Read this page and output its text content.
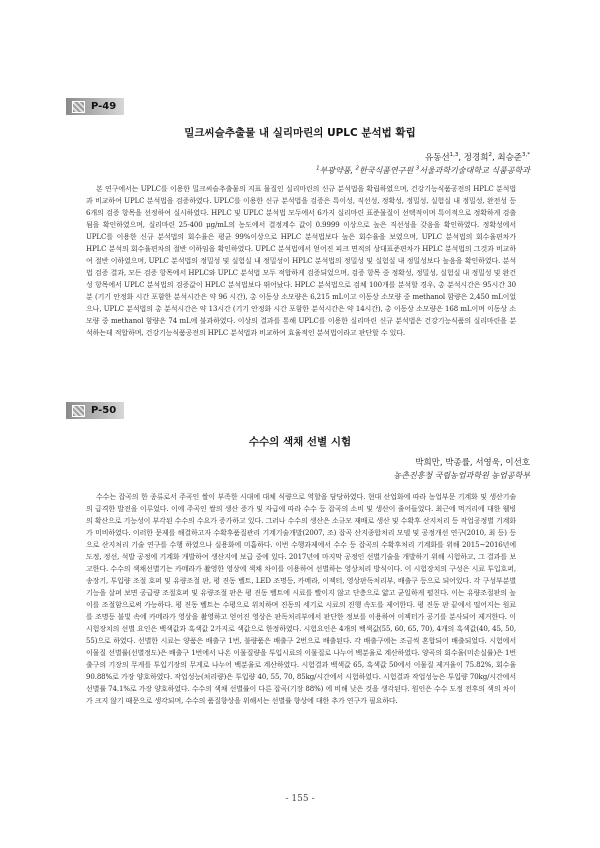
P-49
밀크씨슬추출물 내 실리마린의 UPLC 분석법 확립
유동선$^{1,3}$, 정경희$^2$, 최승준$^{3,*}$
$^1$부광약품, $^2$한국식품연구원 $^3$서울과학기술대학교 식품공학과

본 연구에서는 UPLC를 이용한 밀크씨슬추출물의 지표 물질인 실리마린의 신규 분석법을 확립하였으며, 건강기능식품공전의 HPLC 분석법과 비교하여 UPLC 분석법을 검증하였다. UPLC를 이용한 신규 분석법을 검증은 특이성, 직선성, 정확성, 정밀성, 실험실 내 정밀성, 완전성 등 6개의 검증 항목을 선정하여 실시하였다. HPLC 및 UPLC 분석법 모두에서 6가지 실리마린 표준물질이 선택적이며 특이적으로 정확하게 검출됨을 확인하였으며, 실리마린 25-400 μg/mL의 농도에서 결정계수 값이 0.9999 이상으로 높은 직선성을 갖음을 확인하였다. 정확성에서 UPLC를 이용한 신규 분석법의 회수율은 평균 99%이상으로 HPLC 분석법보다 높은 회수율을 보였으며, UPLC 분석법의 회수율편차가 HPLC 분석의 회수율편차의 절반 이하임을 확인하였다. UPLC 분석법에서 얻어진 피크 면적의 상대표준편차가 HPLC 분석법의 그것과 비교하여 절반 이하였으며, UPLC 분석법의 정밀성 및 실험실 내 정밀성이 HPLC 분석법의 정밀성 및 실험실 내 정밀성보다 높음을 확인하였다. 분석법 검증 결과, 모든 검증 항목에서 HPLC와 UPLC 분석법 모두 적합하게 검증되었으며, 검증 항목 중 정확성, 정밀성, 실험실 내 정밀성 및 완건성 항목에서 UPLC 분석법의 검증값이 HPLC 분석법보다 뛰어났다. HPLC 분석법으로 검체 100개를 분석할 경우, 총 분석시간은 95시간 30분 (기기 안정화 시간 포함한 분석시간은 약 96 시간), 총 이동상 소모량은 6,215 mL이고 이동상 소모량 중 methanol 함량은 2,450 mL이었으나, UPLC 분석법의 총 분석시간은 약 13시간 (기기 안정화 시간 포함한 분석시간은 약 14시간), 총 이동상 소모량은 168 mL이며 이동상 소모량 중 methanol 함량은 74 mL에 불과하였다. 이상의 결과를 통해 UPLC를 이용한 실리마린 신규 분석법은 건강기능식품의 실리마린을 분석하는데 적합하며, 건강기능식품공전의 HPLC 분석법과 비교하여 효율적인 분석법이라고 판단할 수 있다.

P-50
수수의 색채 선별 시험
박희만, 박종률, 서영욱, 이선호
농촌진흥청 국립농업과학원 농업공학부

수수는 잡곡의 한 종류로서 주곡인 쌀이 부족한 시대에 대체 식량으로 역할을 담당하였다. 현대 산업화에 따라 농업부문 기계화 및 생산기술의 급격한 발전을 이루었다. 이에 주곡인 쌀의 생산 증가 및 자급에 따라 수수 등 잡곡의 소비 및 생산이 줄어들었다. 최근에 먹거리에 대한 웰빙의 확산으로 기능성이 부각된 수수의 수요가 증가하고 있다. 그러나 수수의 생산은 소규모 재배로 생산 및 수확후 산지처리 등 작업공정별 기계화가 미비하였다. 이러한 문제를 해결하고자 수확후품질관리 기계기술개발(2007, 조) 잡곡 산지종합처리 모델 및 공정개선 연구(2010, 최 등) 등으로 산지처리 기술 연구를 수행 하였으나 실용화에 미흡하다. 이번 수행과제에서 수수 등 잡곡의 수확후처리 기계화를 위해 2015~2016년에 도정, 정선, 석발 공정에 기계화 개발하여 생산지에 보급 중에 있다. 2017년에 마지막 공정인 선별기술을 개발하기 위해 시험하고, 그 결과를 보고한다. 수수의 색채선별기는 카메라가 촬영한 영상에 색채 차이를 이용하여 선별하는 영상처리 방식이다. 이 시험장치의 구성은 시료 투입호퍼, 송장기, 투입량 조절 호퍼 및 유량조절 판, 평 진동 벨트, LED 조명등, 카메라, 이젝터, 영상판독처리부, 배출구 등으로 되어있다. 각 구성부분별 기능을 살펴 보면 공급량 조절호퍼 및 유량조절 판은 평 진동 벨트에 시료를 빨이지 않고 단층으로 얇고 균일하게 펼친다. 이는 유량조절판의 높이를 조절함으로써 가능하다. 평 진동 벨트는 수평으로 위치하며 진동의 세기로 시료의 진행 속도를 제어한다. 평 진동 판 끝에서 떨어지는 원료를 조명등 불빛 속에 카메라가 영상을 촬영하고 얻어진 영상은 판독처리부에서 판단한 정보를 이용하여 이젝터가 공기를 분사되어 제거한다. 이 시험장치의 선별 요인은 백색값과 흑색값 2가지로 색값으로 한정하였다. 시험요인은 4개의 백색값(55, 60, 65, 70), 4개의 흑색값(40, 45, 50, 55)으로 하였다. 선별한 시료는 양품은 배출구 1번, 불량품은 배출구 2번으로 배출된다. 각 배출구에는 조금씩 혼합되어 배출되었다. 시험에서 이물질 선별률(선별정도)은 배출구 1번에서 나온 이물질량을 투입시료의 이물질로 나누어 백분율로 계산하였다. 양곡의 회수율(미손실률)은 1번 출구의 기장의 무게를 투입기장의 무게로 나누어 백분율로 계산하였다. 시험결과 백색값 65, 흑색값 50에서 이물질 제거율이 75.82%, 회수율 90.88%로 가장 양호하였다. 작업성능(처리량)은 투입량 40, 55, 70, 85kg/시간에서 시험하였다. 시험결과 작업성능은 투입량 70kg/시간에서 선별률 74.1%로 가장 양호하였다. 수수의 색채 선별률이 다른 잡곡(기장 88%) 에 비해 낮은 것을 생각된다. 원인은 수수 도정 전후의 색의 차이가 크지 않기 때문으로 생각되며, 수수의 품질향상을 위해서는 선별률 향상에 대한 추가 연구가 필요하다.

- 155 -
